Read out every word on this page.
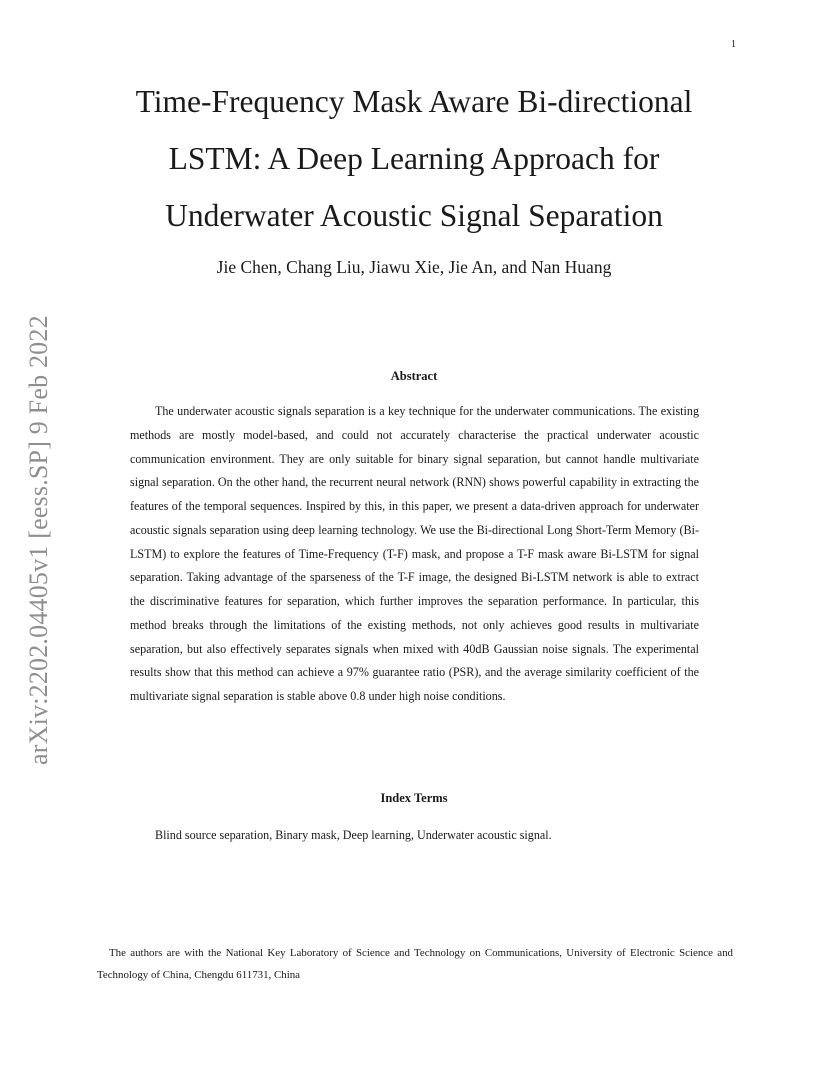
1
arXiv:2202.04405v1 [eess.SP] 9 Feb 2022
Time-Frequency Mask Aware Bi-directional
LSTM: A Deep Learning Approach for
Underwater Acoustic Signal Separation
Jie Chen, Chang Liu, Jiawu Xie, Jie An, and Nan Huang
Abstract

The underwater acoustic signals separation is a key technique for the underwater communications. The existing methods are mostly model-based, and could not accurately characterise the practical underwater acoustic communication environment. They are only suitable for binary signal separation, but cannot handle multivariate signal separation. On the other hand, the recurrent neural network (RNN) shows powerful capability in extracting the features of the temporal sequences. Inspired by this, in this paper, we present a data-driven approach for underwater acoustic signals separation using deep learning technology. We use the Bi-directional Long Short-Term Memory (Bi-LSTM) to explore the features of Time-Frequency (T-F) mask, and propose a T-F mask aware Bi-LSTM for signal separation. Taking advantage of the sparseness of the T-F image, the designed Bi-LSTM network is able to extract the discriminative features for separation, which further improves the separation performance. In particular, this method breaks through the limitations of the existing methods, not only achieves good results in multivariate separation, but also effectively separates signals when mixed with 40dB Gaussian noise signals. The experimental results show that this method can achieve a 97% guarantee ratio (PSR), and the average similarity coefficient of the multivariate signal separation is stable above 0.8 under high noise conditions.

Index Terms
Blind source separation, Binary mask, Deep learning, Underwater acoustic signal.

The authors are with the National Key Laboratory of Science and Technology on Communications, University of Electronic Science and Technology of China, Chengdu 611731, China
